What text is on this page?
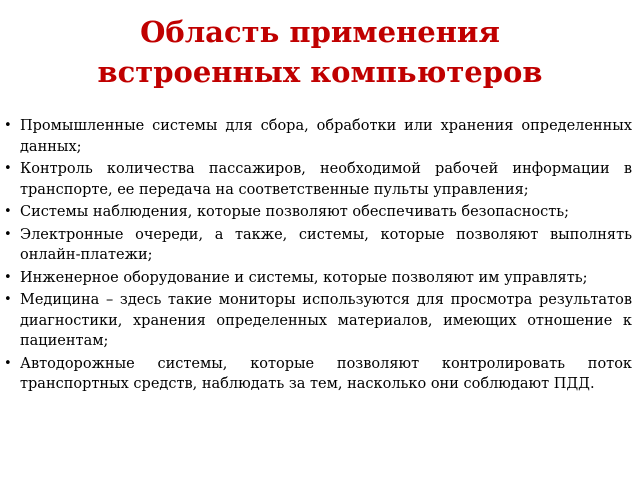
Область применения
встроенных компьютеров
• Промышленные системы для сбора, обработки или хранения определенных данных;
• Контроль количества пассажиров, необходимой рабочей информации в транспорте, ее передача на соответственные пульты управления;
• Системы наблюдения, которые позволяют обеспечивать безопасность;
• Электронные очереди, а также, системы, которые позволяют выполнять онлайн-платежи;
• Инженерное оборудование и системы, которые позволяют им управлять;
• Медицина – здесь такие мониторы используются для просмотра результатов диагностики, хранения определенных материалов, имеющих отношение к пациентам;
• Автодорожные системы, которые позволяют контролировать поток транспортных средств, наблюдать за тем, насколько они соблюдают ПДД.
